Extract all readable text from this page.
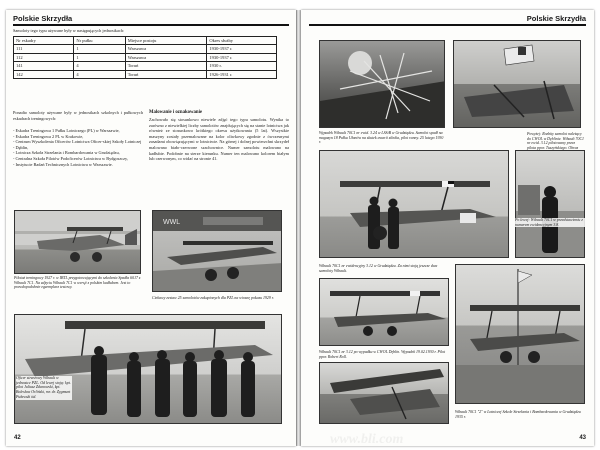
Polskie Skrzydła
Samoloty tego typu używane były w następujących jednostkach:
Nr eskadry	Nr pułku	Miejsce postoju	Okres służby
111	1	Warszawa	1930-1937 r.
112	1	Warszawa	1930-1937 r.
141	4	Toruń	1930 r.
142	4	Toruń	1926-1931 r.
Ponadto samoloty używane były w jednostkach szkolnych i pułkowych eskadrach treningowych:
- Eskadra Treningowa 1 Pułku Lotniczego (PL) w Warszawie,
- Eskadra Treningowa 2 PL w Krakowie,
- Centrum Wyszkolenia Oficerów Lotnictwa Oficer-skiej Szkoły Lotniczej - Dęblin,
- Lotnicza Szkoła Strzelania i Bombardowania w Grudziądzu,
- Centralna Szkoła Pilotów Podoficerów Lotnictwa w Bydgoszczy,
- Instytucie Badań Technicznych Lotnictwa w Warszawie.
Malowanie i oznakowanie
Zachowało się stosunkowo niewiele zdjęć tego typu samolotu. Wynika to zarówno z niewielkiej liczby samolotów znajdujących się na stanie lotnictwa jak również ze stosunkowo krótkiego okresu użytkowania (5 lat). Wszystkie maszyny zostały przemalowane na kolor oliwkowy zgodnie z ówczesnymi zasadami obowiązującymi w lotnictwie. Na górnej i dolnej powierzchni skrzydeł malowano biało-czerwone szachownice. Numer samolotu malowano na kadłubie. Podobnie na sterze kierunku. Numer ten malowano kolorem białym lub czerwonym, co widać na stronie 41.
Pilotaż treningowy 1927 r. w IBTL przygotowującymi do szkolenia Spadła 6017 z Wibault 7C1. Na zdjęciu Wibault 7C1 w wersji z polskim kadłubem. Jest to prawdopodobnie egzemplarz testowy.
WWL
Ciekawy zestaw 25 samolotów zakupionych dla PZL na wiosnę pokazu 1929 r.
Oficer strzeżowy Wibault w jednostce PZL. Od lewej stoją: kpt. pilot Juliusz Zdanowski, kpt. Bolesław Orliński, mr. dr. Zygmunt Puławski itd.
42
Polskie Skrzydła
Wypadek Wibault 70C1 nr ewid. 3.24 w LSSiB w Grudziądzu. Samolot spadł na magazyn 18 Pułku Ułanów na skutek awarii silnika, pilot ranny. 25 lutego 1930 r.
Powyżej: Rozbity samolot należący do CWOL w Dęblinie. Wibault 70C1 nr ewid. 3.12 pilotowany przez pilota ppor. Tuszyńskiego. Obraz
Po lewej: Wibault 70C1 w przedstawieniu z numerem ewidencyjnym 3.8.
Wibault 70C1 nr ewidencyjny 3.12 w Grudziądzu. Za nimi stoją jeszcze dwa samoloty Wibault.
Wibault 70C1 nr 3.12 po wypadku w CWOL Dęblin. Wypadek 19.02.1930 r. Pilot ppor. Robert Roll.
Wibault 70C1 "2" w Lotniczej Szkole Strzelania i Bombardowania w Grudziądzu 1935 r.
43
www.bli.com
